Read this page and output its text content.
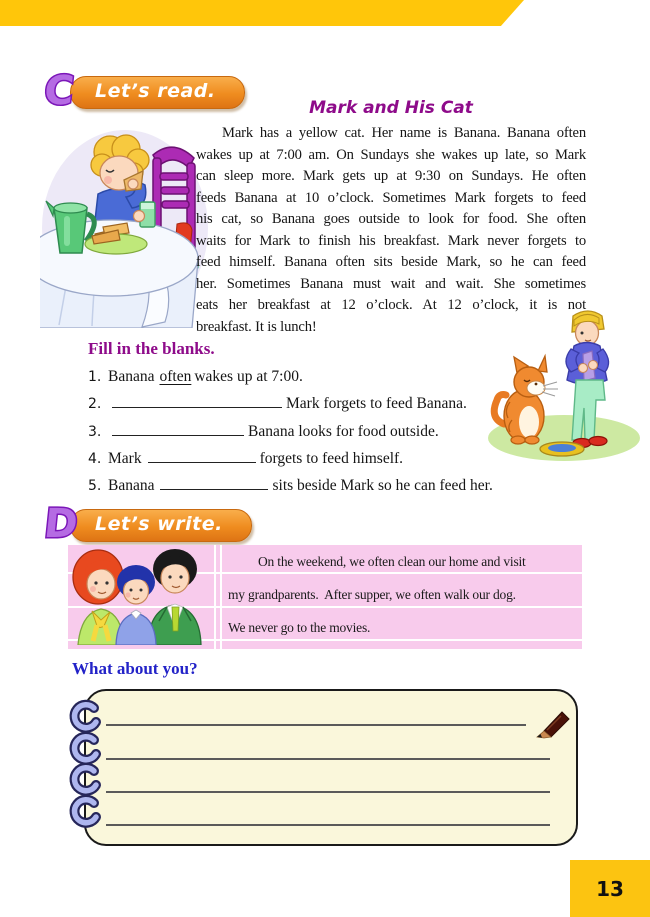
C Let’s read.
Mark and His Cat
Mark has a yellow cat. Her name is Banana. Banana often
wakes up at 7:00 am. On Sundays she wakes up late, so Mark
can sleep more. Mark gets up at 9:30 on Sundays. He often
feeds Banana at 10 o’clock. Sometimes Mark forgets to feed
his cat, so Banana goes outside to look for food. She often
waits for Mark to finish his breakfast. Mark never forgets to
feed himself. Banana often sits beside Mark, so he can feed
her. Sometimes Banana must wait and wait. She sometimes
eats her breakfast at 12 o’clock. At 12 o’clock, it is not
breakfast. It is lunch!
Fill in the blanks.
1. Banana often wakes up at 7:00.
2.	Mark forgets to feed Banana.
3.	Banana looks for food outside.
4. Mark	forgets to feed himself.
5. Banana	sits beside Mark so he can feed her.
D Let’s write.
On the weekend, we often clean our home and visit
my grandparents.  After supper, we often walk our dog.
We never go to the movies.
What about you?
13
